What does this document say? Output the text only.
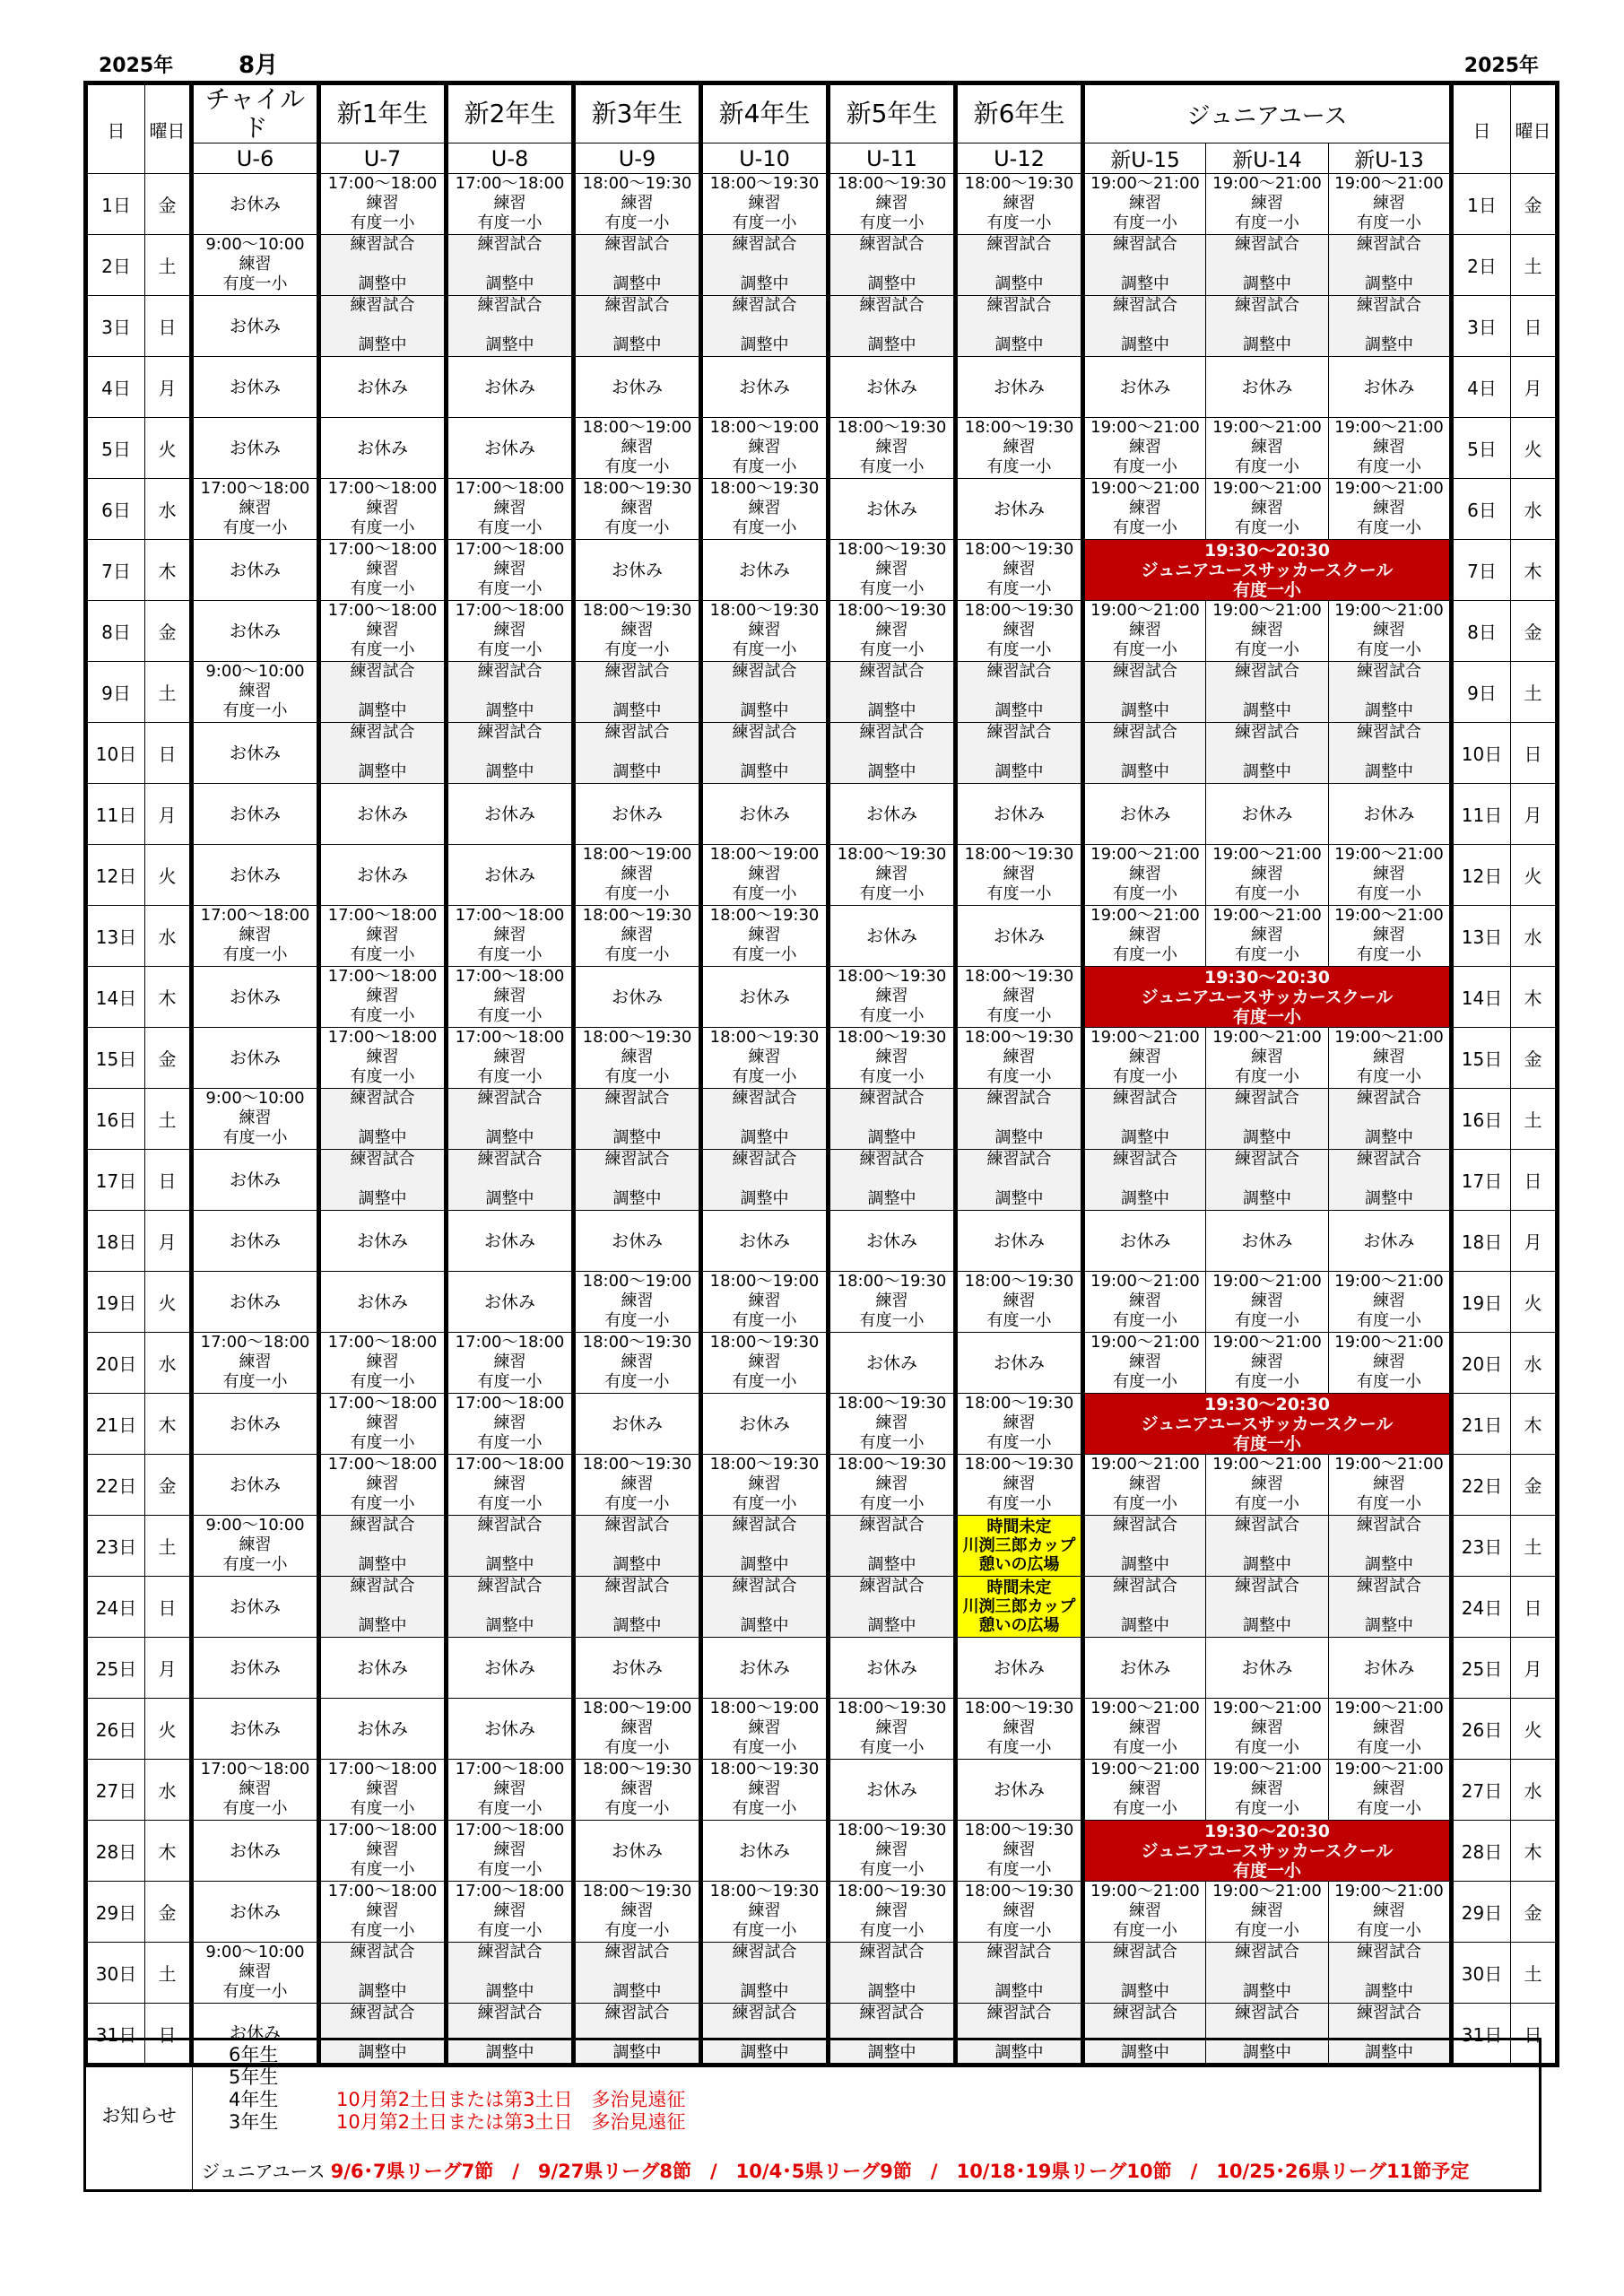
2025年	8月	2025年
日	曜日	チャイルド	新1年生	新2年生	新3年生	新4年生	新5年生	新6年生	ジュニアユース			日	曜日
		U-6	U-7	U-8	U-9	U-10	U-11	U-12	新U-15	新U-14	新U-13		
1日	金	お休み	17:00～18:00
練習
有度一小	17:00～18:00
練習
有度一小	18:00～19:30
練習
有度一小	18:00～19:30
練習
有度一小	18:00～19:30
練習
有度一小	18:00～19:30
練習
有度一小	19:00～21:00
練習
有度一小	19:00～21:00
練習
有度一小	19:00～21:00
練習
有度一小	1日	金
2日	土	9:00～10:00
練習
有度一小	練習試合
調整中	練習試合
調整中	練習試合
調整中	練習試合
調整中	練習試合
調整中	練習試合
調整中	練習試合
調整中	練習試合
調整中	練習試合
調整中	2日	土
3日	日	お休み	練習試合
調整中	練習試合
調整中	練習試合
調整中	練習試合
調整中	練習試合
調整中	練習試合
調整中	練習試合
調整中	練習試合
調整中	練習試合
調整中	3日	日
4日	月	お休み	お休み	お休み	お休み	お休み	お休み	お休み	お休み	お休み	お休み	4日	月
5日	火	お休み	お休み	お休み	18:00～19:00
練習
有度一小	18:00～19:00
練習
有度一小	18:00～19:30
練習
有度一小	18:00～19:30
練習
有度一小	19:00～21:00
練習
有度一小	19:00～21:00
練習
有度一小	19:00～21:00
練習
有度一小	5日	火
6日	水	17:00～18:00
練習
有度一小	17:00～18:00
練習
有度一小	17:00～18:00
練習
有度一小	18:00～19:30
練習
有度一小	18:00～19:30
練習
有度一小	お休み	お休み	19:00～21:00
練習
有度一小	19:00～21:00
練習
有度一小	19:00～21:00
練習
有度一小	6日	水
7日	木	お休み	17:00～18:00
練習
有度一小	17:00～18:00
練習
有度一小	お休み	お休み	18:00～19:30
練習
有度一小	18:00～19:30
練習
有度一小	19:30～20:30
ジュニアユースサッカースクール
有度一小			7日	木
8日	金	お休み	17:00～18:00
練習
有度一小	17:00～18:00
練習
有度一小	18:00～19:30
練習
有度一小	18:00～19:30
練習
有度一小	18:00～19:30
練習
有度一小	18:00～19:30
練習
有度一小	19:00～21:00
練習
有度一小	19:00～21:00
練習
有度一小	19:00～21:00
練習
有度一小	8日	金
9日	土	9:00～10:00
練習
有度一小	練習試合
調整中	練習試合
調整中	練習試合
調整中	練習試合
調整中	練習試合
調整中	練習試合
調整中	練習試合
調整中	練習試合
調整中	練習試合
調整中	9日	土
10日	日	お休み	練習試合
調整中	練習試合
調整中	練習試合
調整中	練習試合
調整中	練習試合
調整中	練習試合
調整中	練習試合
調整中	練習試合
調整中	練習試合
調整中	10日	日
11日	月	お休み	お休み	お休み	お休み	お休み	お休み	お休み	お休み	お休み	お休み	11日	月
12日	火	お休み	お休み	お休み	18:00～19:00
練習
有度一小	18:00～19:00
練習
有度一小	18:00～19:30
練習
有度一小	18:00～19:30
練習
有度一小	19:00～21:00
練習
有度一小	19:00～21:00
練習
有度一小	19:00～21:00
練習
有度一小	12日	火
13日	水	17:00～18:00
練習
有度一小	17:00～18:00
練習
有度一小	17:00～18:00
練習
有度一小	18:00～19:30
練習
有度一小	18:00～19:30
練習
有度一小	お休み	お休み	19:00～21:00
練習
有度一小	19:00～21:00
練習
有度一小	19:00～21:00
練習
有度一小	13日	水
14日	木	お休み	17:00～18:00
練習
有度一小	17:00～18:00
練習
有度一小	お休み	お休み	18:00～19:30
練習
有度一小	18:00～19:30
練習
有度一小	19:30～20:30
ジュニアユースサッカースクール
有度一小			14日	木
15日	金	お休み	17:00～18:00
練習
有度一小	17:00～18:00
練習
有度一小	18:00～19:30
練習
有度一小	18:00～19:30
練習
有度一小	18:00～19:30
練習
有度一小	18:00～19:30
練習
有度一小	19:00～21:00
練習
有度一小	19:00～21:00
練習
有度一小	19:00～21:00
練習
有度一小	15日	金
16日	土	9:00～10:00
練習
有度一小	練習試合
調整中	練習試合
調整中	練習試合
調整中	練習試合
調整中	練習試合
調整中	練習試合
調整中	練習試合
調整中	練習試合
調整中	練習試合
調整中	16日	土
17日	日	お休み	練習試合
調整中	練習試合
調整中	練習試合
調整中	練習試合
調整中	練習試合
調整中	練習試合
調整中	練習試合
調整中	練習試合
調整中	練習試合
調整中	17日	日
18日	月	お休み	お休み	お休み	お休み	お休み	お休み	お休み	お休み	お休み	お休み	18日	月
19日	火	お休み	お休み	お休み	18:00～19:00
練習
有度一小	18:00～19:00
練習
有度一小	18:00～19:30
練習
有度一小	18:00～19:30
練習
有度一小	19:00～21:00
練習
有度一小	19:00～21:00
練習
有度一小	19:00～21:00
練習
有度一小	19日	火
20日	水	17:00～18:00
練習
有度一小	17:00～18:00
練習
有度一小	17:00～18:00
練習
有度一小	18:00～19:30
練習
有度一小	18:00～19:30
練習
有度一小	お休み	お休み	19:00～21:00
練習
有度一小	19:00～21:00
練習
有度一小	19:00～21:00
練習
有度一小	20日	水
21日	木	お休み	17:00～18:00
練習
有度一小	17:00～18:00
練習
有度一小	お休み	お休み	18:00～19:30
練習
有度一小	18:00～19:30
練習
有度一小	19:30～20:30
ジュニアユースサッカースクール
有度一小			21日	木
22日	金	お休み	17:00～18:00
練習
有度一小	17:00～18:00
練習
有度一小	18:00～19:30
練習
有度一小	18:00～19:30
練習
有度一小	18:00～19:30
練習
有度一小	18:00～19:30
練習
有度一小	19:00～21:00
練習
有度一小	19:00～21:00
練習
有度一小	19:00～21:00
練習
有度一小	22日	金
23日	土	9:00～10:00
練習
有度一小	練習試合
調整中	練習試合
調整中	練習試合
調整中	練習試合
調整中	練習試合
調整中	時間未定
川渕三郎カップ
憩いの広場	練習試合
調整中	練習試合
調整中	練習試合
調整中	23日	土
24日	日	お休み	練習試合
調整中	練習試合
調整中	練習試合
調整中	練習試合
調整中	練習試合
調整中	時間未定
川渕三郎カップ
憩いの広場	練習試合
調整中	練習試合
調整中	練習試合
調整中	24日	日
25日	月	お休み	お休み	お休み	お休み	お休み	お休み	お休み	お休み	お休み	お休み	25日	月
26日	火	お休み	お休み	お休み	18:00～19:00
練習
有度一小	18:00～19:00
練習
有度一小	18:00～19:30
練習
有度一小	18:00～19:30
練習
有度一小	19:00～21:00
練習
有度一小	19:00～21:00
練習
有度一小	19:00～21:00
練習
有度一小	26日	火
27日	水	17:00～18:00
練習
有度一小	17:00～18:00
練習
有度一小	17:00～18:00
練習
有度一小	18:00～19:30
練習
有度一小	18:00～19:30
練習
有度一小	お休み	お休み	19:00～21:00
練習
有度一小	19:00～21:00
練習
有度一小	19:00～21:00
練習
有度一小	27日	水
28日	木	お休み	17:00～18:00
練習
有度一小	17:00～18:00
練習
有度一小	お休み	お休み	18:00～19:30
練習
有度一小	18:00～19:30
練習
有度一小	19:30～20:30
ジュニアユースサッカースクール
有度一小			28日	木
29日	金	お休み	17:00～18:00
練習
有度一小	17:00～18:00
練習
有度一小	18:00～19:30
練習
有度一小	18:00～19:30
練習
有度一小	18:00～19:30
練習
有度一小	18:00～19:30
練習
有度一小	19:00～21:00
練習
有度一小	19:00～21:00
練習
有度一小	19:00～21:00
練習
有度一小	29日	金
30日	土	9:00～10:00
練習
有度一小	練習試合
調整中	練習試合
調整中	練習試合
調整中	練習試合
調整中	練習試合
調整中	練習試合
調整中	練習試合
調整中	練習試合
調整中	練習試合
調整中	30日	土
31日	日	お休み	練習試合
調整中	練習試合
調整中	練習試合
調整中	練習試合
調整中	練習試合
調整中	練習試合
調整中	練習試合
調整中	練習試合
調整中	練習試合
調整中	31日	日
お知らせ	
6年生
5年生
4年生	10月第2土日または第3土日　多治見遠征
3年生	10月第2土日または第3土日　多治見遠征
ジュニアユース 9/6･7県リーグ7節　/　9/27県リーグ8節　/　10/4･5県リーグ9節　/　10/18･19県リーグ10節　/　10/25･26県リーグ11節予定
